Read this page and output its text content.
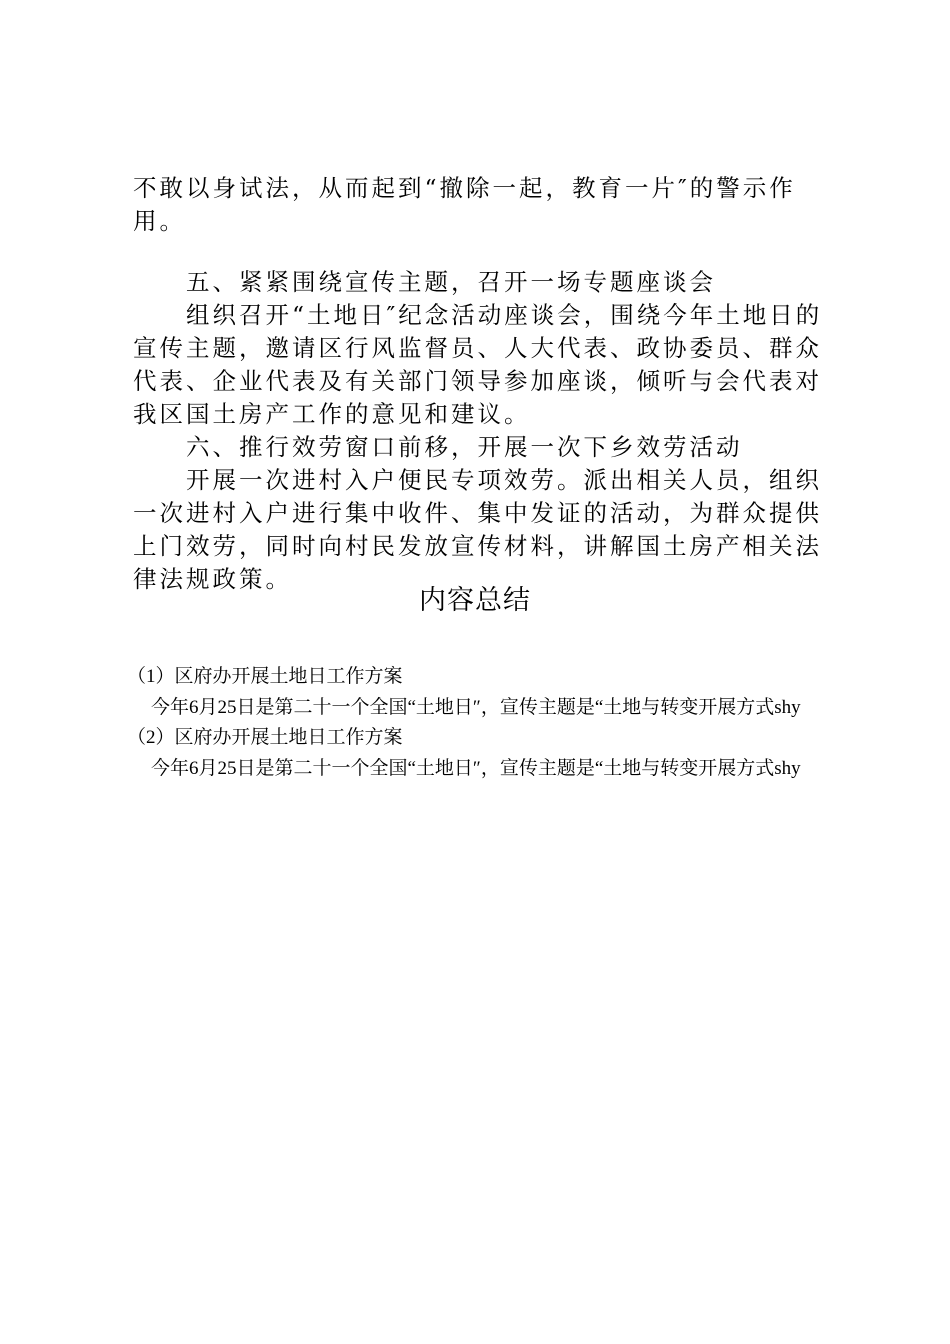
不敢以身试法，从而起到“撤除一起，教育一片″的警示作用。

五、紧紧围绕宣传主题，召开一场专题座谈会

组织召开“土地日″纪念活动座谈会，围绕今年土地日的宣传主题，邀请区行风监督员、人大代表、政协委员、群众代表、企业代表及有关部门领导参加座谈，倾听与会代表对我区国土房产工作的意见和建议。

六、推行效劳窗口前移，开展一次下乡效劳活动

开展一次进村入户便民专项效劳。派出相关人员，组织一次进村入户进行集中收件、集中发证的活动，为群众提供上门效劳，同时向村民发放宣传材料，讲解国土房产相关法律法规政策。

内容总结

（1）区府办开展土地日工作方案

今年6月25日是第二十一个全国“土地日″，宣传主题是“土地与转变开展方式shy

（2）区府办开展土地日工作方案

今年6月25日是第二十一个全国“土地日″，宣传主题是“土地与转变开展方式shy
